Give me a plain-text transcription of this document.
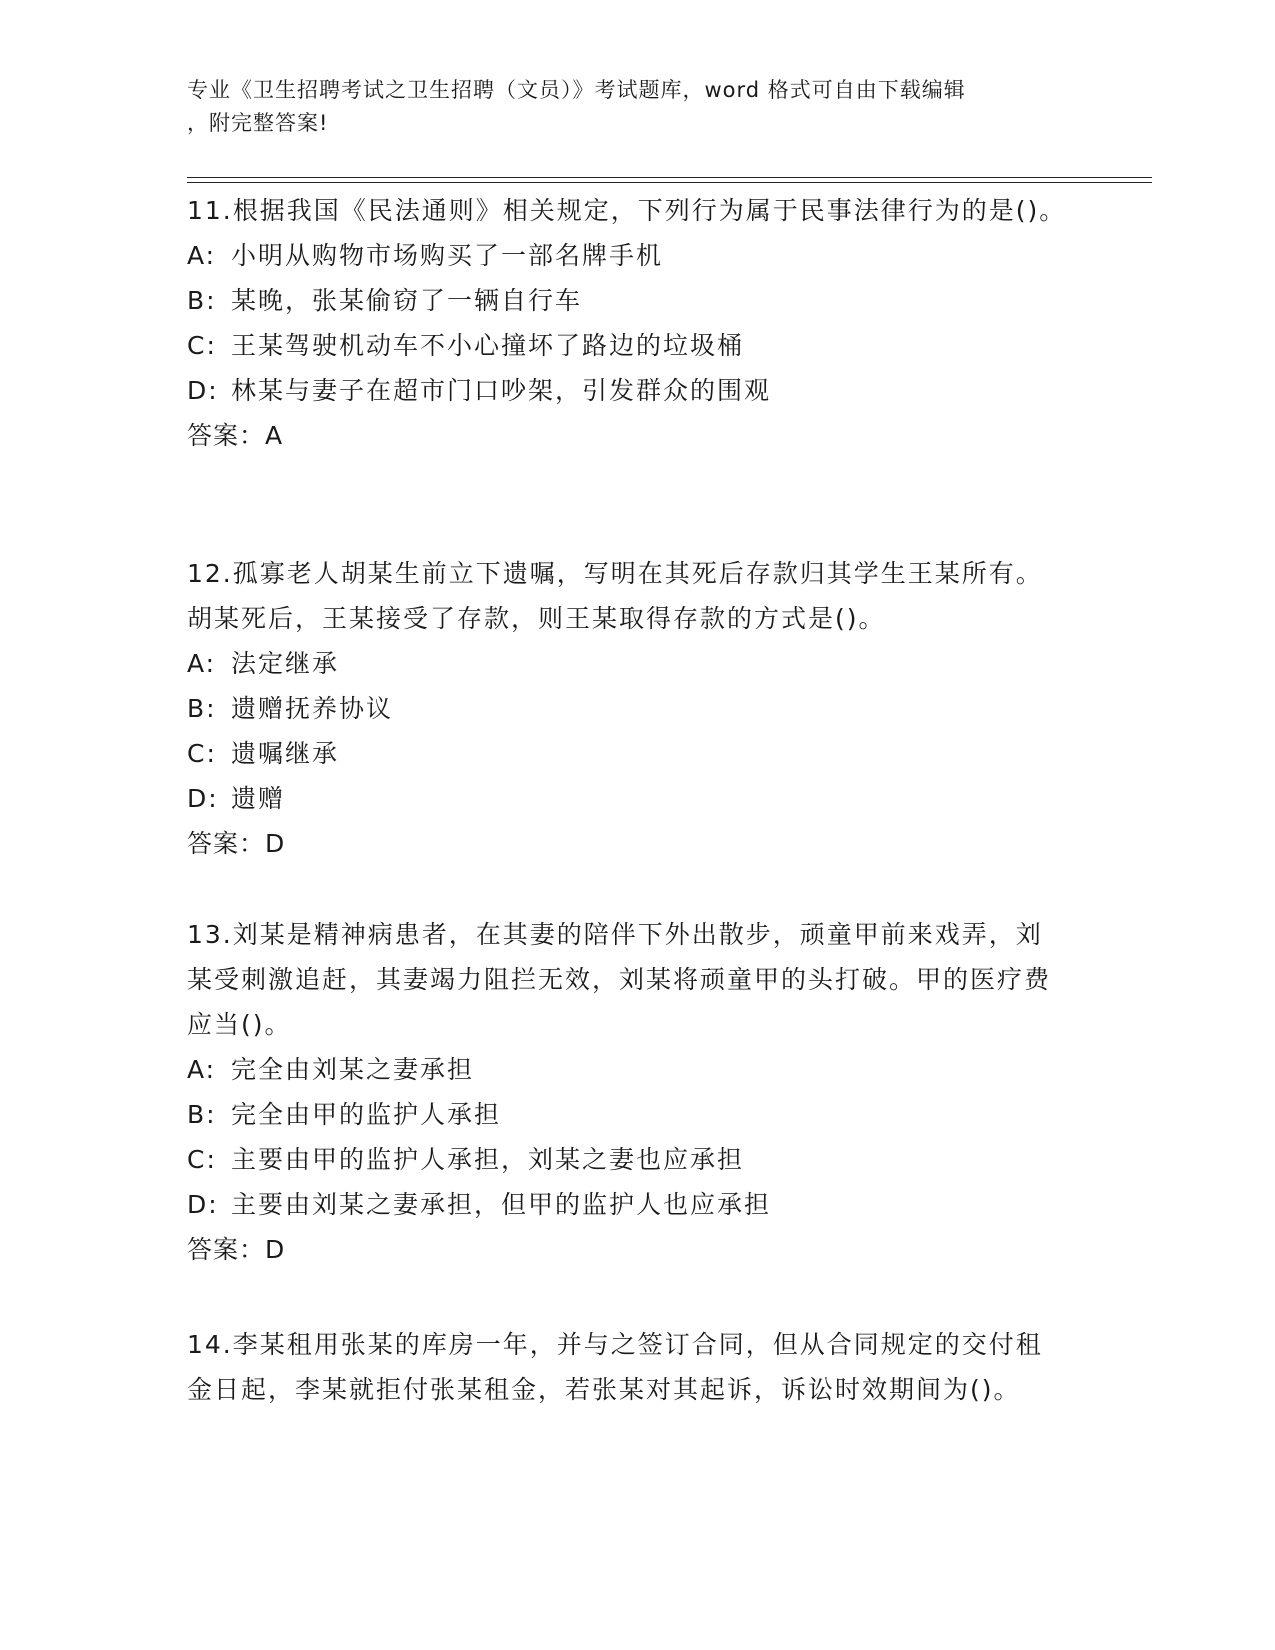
专业《卫生招聘考试之卫生招聘（文员）》考试题库，word 格式可自由下载编辑
，附完整答案!

11.根据我国《民法通则》相关规定，下列行为属于民事法律行为的是()。

A: 小明从购物市场购买了一部名牌手机

B: 某晚，张某偷窃了一辆自行车

C: 王某驾驶机动车不小心撞坏了路边的垃圾桶

D: 林某与妻子在超市门口吵架，引发群众的围观

答案：A

12.孤寡老人胡某生前立下遗嘱，写明在其死后存款归其学生王某所有。胡某死后，王某接受了存款，则王某取得存款的方式是()。

A: 法定继承

B: 遗赠抚养协议

C: 遗嘱继承

D: 遗赠

答案：D

13.刘某是精神病患者，在其妻的陪伴下外出散步，顽童甲前来戏弄，刘某受刺激追赶，其妻竭力阻拦无效，刘某将顽童甲的头打破。甲的医疗费应当()。

A: 完全由刘某之妻承担

B: 完全由甲的监护人承担

C: 主要由甲的监护人承担，刘某之妻也应承担

D: 主要由刘某之妻承担，但甲的监护人也应承担

答案：D

14.李某租用张某的库房一年，并与之签订合同，但从合同规定的交付租金日起，李某就拒付张某租金，若张某对其起诉，诉讼时效期间为()。
